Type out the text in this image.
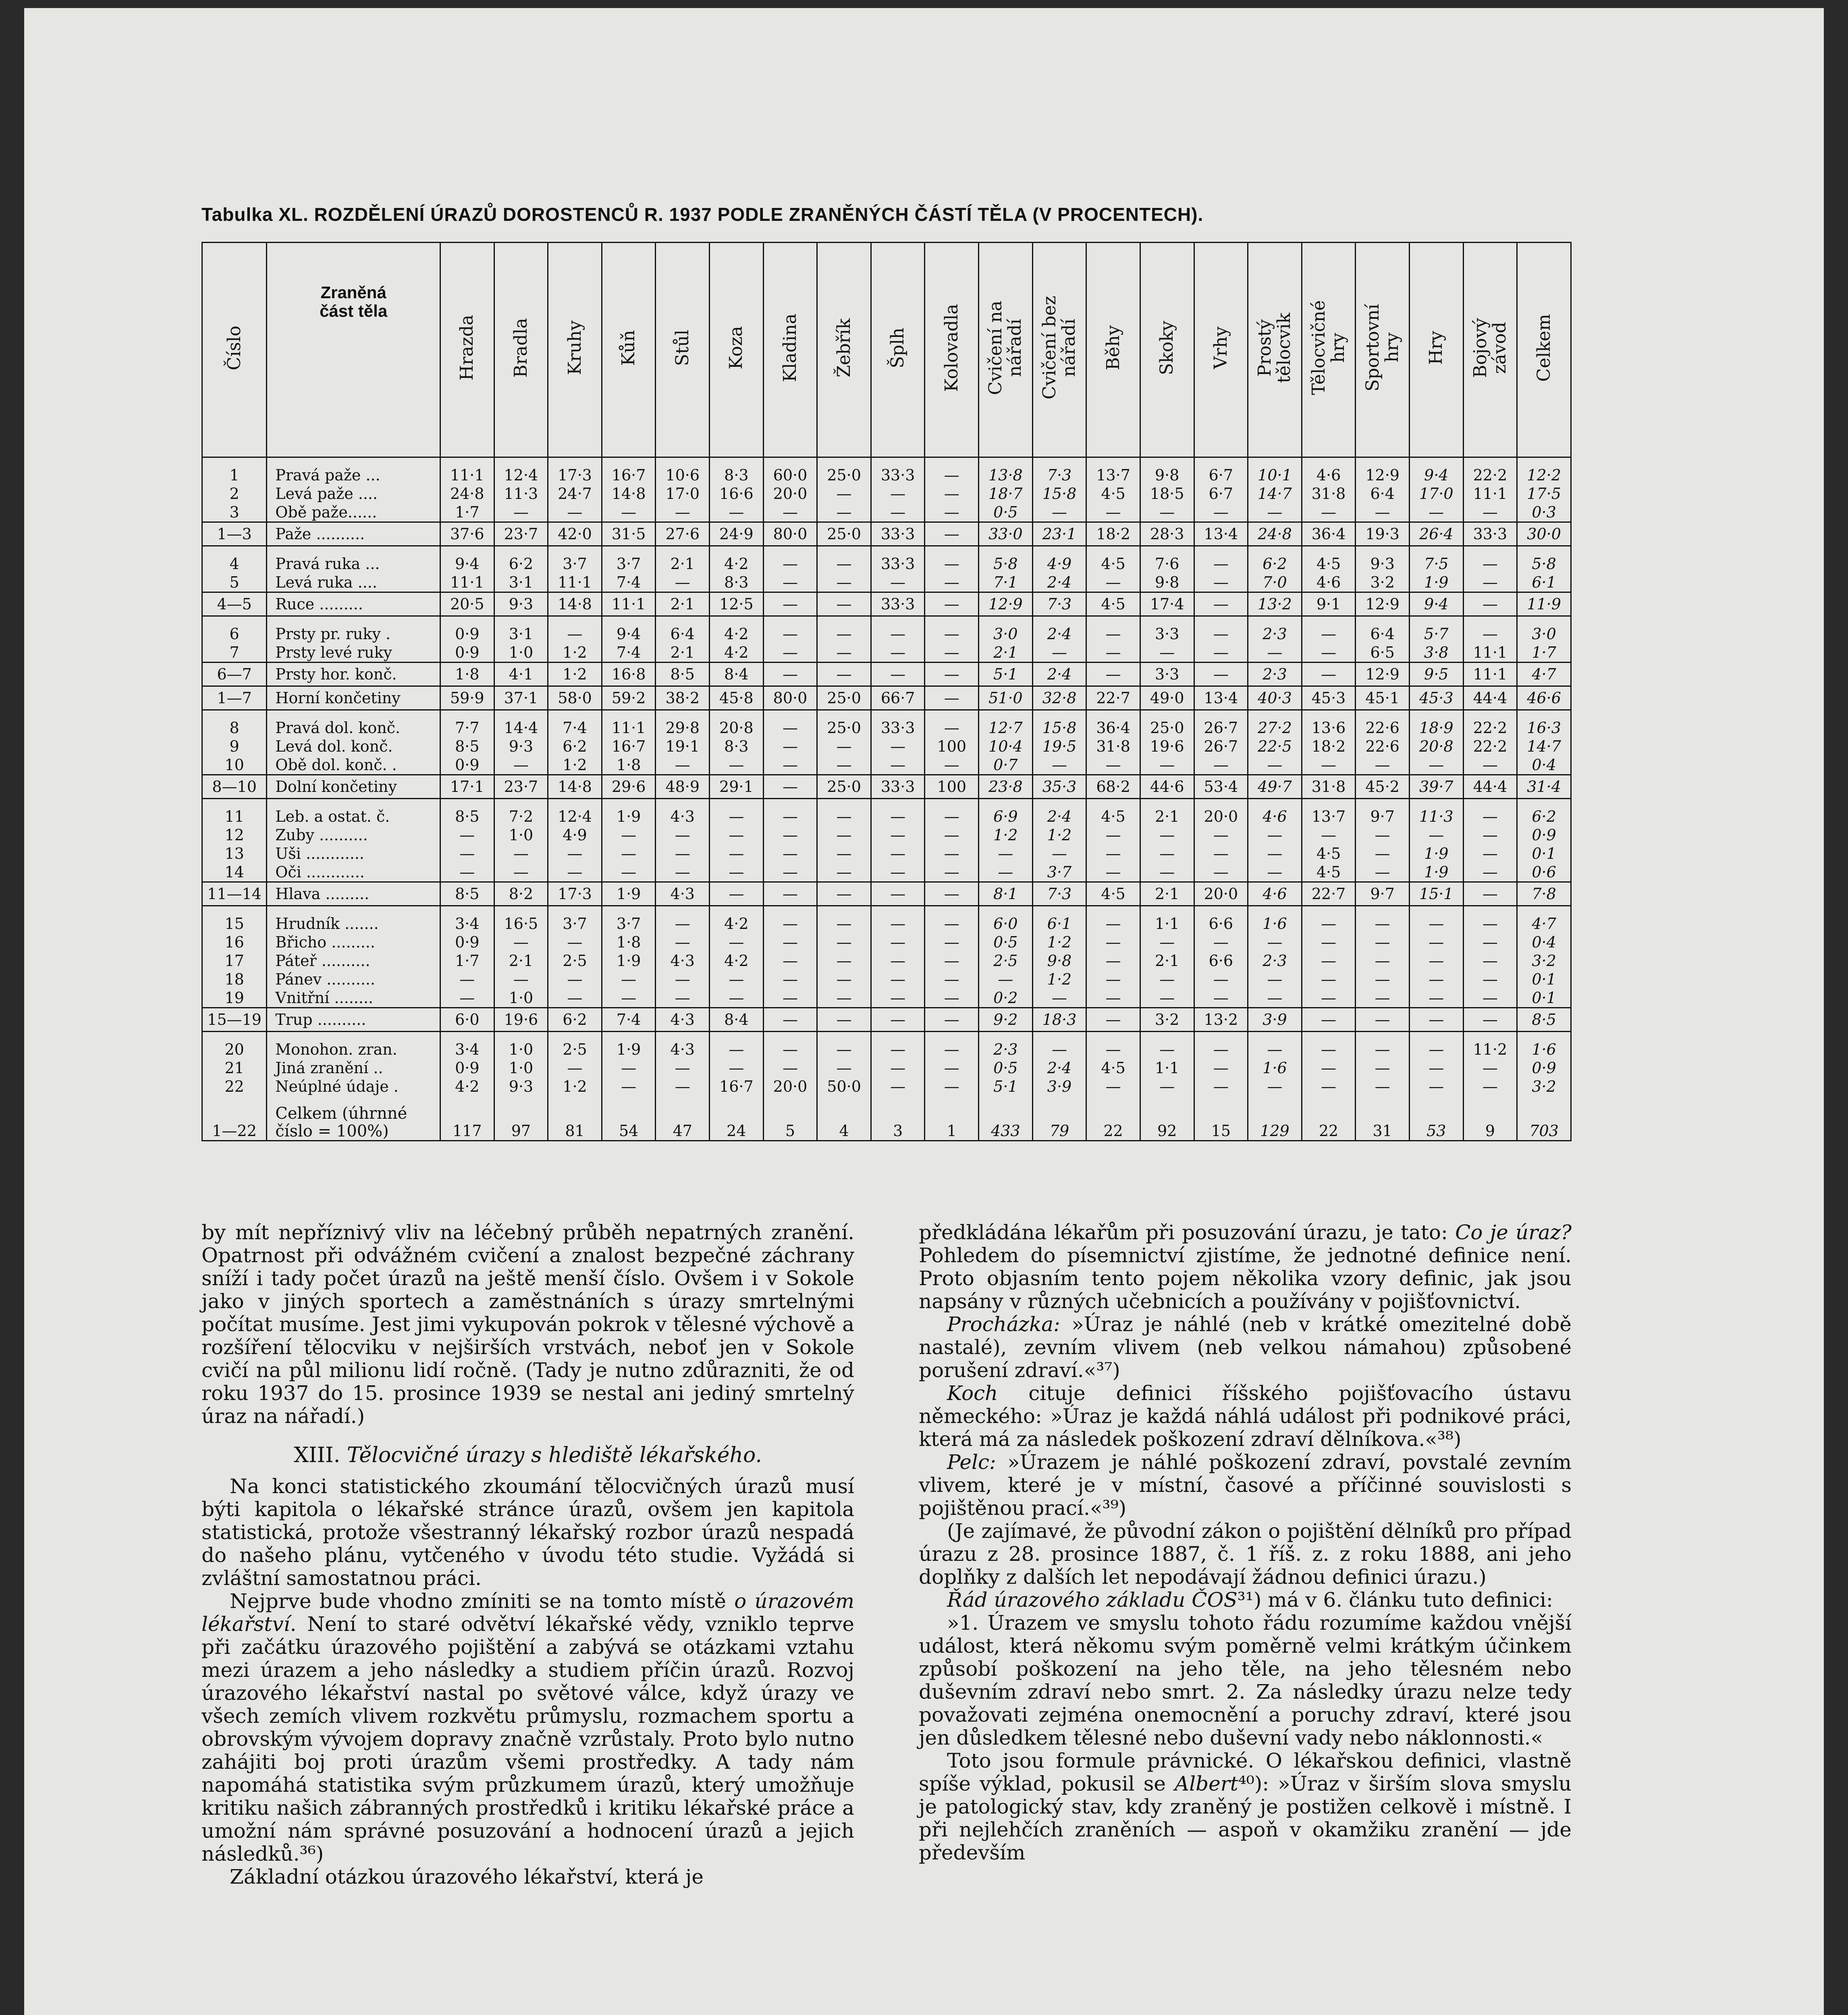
Tabulka XL. ROZDĚLENÍ ÚRAZŮ DOROSTENCŮ R. 1937 PODLE ZRANĚNÝCH ČÁSTÍ TĚLA (V PROCENTECH).
Číslo	Zraněná
část těla	Hrazda	Bradla	Kruhy	Kůň	Stůl	Koza	Kladina	Žebřík	Šplh	Kolovadla	Cvičení na
nářadí	Cvičení bez
nářadí	Běhy	Skoky	Vrhy	Prostý
tělocvik	Tělocvičné
hry	Sportovní
hry	Hry	Bojový
závod	Celkem
1	Pravá paže ...	11·1	12·4	17·3	16·7	10·6	8·3	60·0	25·0	33·3	—	13·8	7·3	13·7	9·8	6·7	10·1	4·6	12·9	9·4	22·2	12·2
2	Levá paže ....	24·8	11·3	24·7	14·8	17·0	16·6	20·0	—	—	—	18·7	15·8	4·5	18·5	6·7	14·7	31·8	6·4	17·0	11·1	17·5
3	Obě paže......	1·7	—	—	—	—	—	—	—	—	—	0·5	—	—	—	—	—	—	—	—	—	0·3
1—3	Paže ..........	37·6	23·7	42·0	31·5	27·6	24·9	80·0	25·0	33·3	—	33·0	23·1	18·2	28·3	13·4	24·8	36·4	19·3	26·4	33·3	30·0
4	Pravá ruka ...	9·4	6·2	3·7	3·7	2·1	4·2	—	—	33·3	—	5·8	4·9	4·5	7·6	—	6·2	4·5	9·3	7·5	—	5·8
5	Levá ruka ....	11·1	3·1	11·1	7·4	—	8·3	—	—	—	—	7·1	2·4	—	9·8	—	7·0	4·6	3·2	1·9	—	6·1
4—5	Ruce .........	20·5	9·3	14·8	11·1	2·1	12·5	—	—	33·3	—	12·9	7·3	4·5	17·4	—	13·2	9·1	12·9	9·4	—	11·9
6	Prsty pr. ruky .	0·9	3·1	—	9·4	6·4	4·2	—	—	—	—	3·0	2·4	—	3·3	—	2·3	—	6·4	5·7	—	3·0
7	Prsty levé ruky	0·9	1·0	1·2	7·4	2·1	4·2	—	—	—	—	2·1	—	—	—	—	—	—	6·5	3·8	11·1	1·7
6—7	Prsty hor. konč.	1·8	4·1	1·2	16·8	8·5	8·4	—	—	—	—	5·1	2·4	—	3·3	—	2·3	—	12·9	9·5	11·1	4·7
1—7	Horní končetiny	59·9	37·1	58·0	59·2	38·2	45·8	80·0	25·0	66·7	—	51·0	32·8	22·7	49·0	13·4	40·3	45·3	45·1	45·3	44·4	46·6
8	Pravá dol. konč.	7·7	14·4	7·4	11·1	29·8	20·8	—	25·0	33·3	—	12·7	15·8	36·4	25·0	26·7	27·2	13·6	22·6	18·9	22·2	16·3
9	Levá dol. konč.	8·5	9·3	6·2	16·7	19·1	8·3	—	—	—	100	10·4	19·5	31·8	19·6	26·7	22·5	18·2	22·6	20·8	22·2	14·7
10	Obě dol. konč. .	0·9	—	1·2	1·8	—	—	—	—	—	—	0·7	—	—	—	—	—	—	—	—	—	0·4
8—10	Dolní končetiny	17·1	23·7	14·8	29·6	48·9	29·1	—	25·0	33·3	100	23·8	35·3	68·2	44·6	53·4	49·7	31·8	45·2	39·7	44·4	31·4
11	Leb. a ostat. č.	8·5	7·2	12·4	1·9	4·3	—	—	—	—	—	6·9	2·4	4·5	2·1	20·0	4·6	13·7	9·7	11·3	—	6·2
12	Zuby ..........	—	1·0	4·9	—	—	—	—	—	—	—	1·2	1·2	—	—	—	—	—	—	—	—	0·9
13	Uši ............	—	—	—	—	—	—	—	—	—	—	—	—	—	—	—	—	4·5	—	1·9	—	0·1
14	Oči ............	—	—	—	—	—	—	—	—	—	—	—	3·7	—	—	—	—	4·5	—	1·9	—	0·6
11—14	Hlava .........	8·5	8·2	17·3	1·9	4·3	—	—	—	—	—	8·1	7·3	4·5	2·1	20·0	4·6	22·7	9·7	15·1	—	7·8
15	Hrudník .......	3·4	16·5	3·7	3·7	—	4·2	—	—	—	—	6·0	6·1	—	1·1	6·6	1·6	—	—	—	—	4·7
16	Břicho .........	0·9	—	—	1·8	—	—	—	—	—	—	0·5	1·2	—	—	—	—	—	—	—	—	0·4
17	Páteř ..........	1·7	2·1	2·5	1·9	4·3	4·2	—	—	—	—	2·5	9·8	—	2·1	6·6	2·3	—	—	—	—	3·2
18	Pánev ..........	—	—	—	—	—	—	—	—	—	—	—	1·2	—	—	—	—	—	—	—	—	0·1
19	Vnitřní ........	—	1·0	—	—	—	—	—	—	—	—	0·2	—	—	—	—	—	—	—	—	—	0·1
15—19	Trup ..........	6·0	19·6	6·2	7·4	4·3	8·4	—	—	—	—	9·2	18·3	—	3·2	13·2	3·9	—	—	—	—	8·5
20	Monohon. zran.	3·4	1·0	2·5	1·9	4·3	—	—	—	—	—	2·3	—	—	—	—	—	—	—	—	11·2	1·6
21	Jiná zranění ..	0·9	1·0	—	—	—	—	—	—	—	—	0·5	2·4	4·5	1·1	—	1·6	—	—	—	—	0·9
22	Neúplné údaje .	4·2	9·3	1·2	—	—	16·7	20·0	50·0	—	—	5·1	3·9	—	—	—	—	—	—	—	—	3·2
1—22	Celkem (úhrnné
číslo = 100%)	117	97	81	54	47	24	5	4	3	1	433	79	22	92	15	129	22	31	53	9	703

by mít nepříznivý vliv na léčebný průběh nepatrných zranění. Opatrnost při odvážném cvičení a znalost bezpečné záchrany sníží i tady počet úrazů na ještě menší číslo. Ovšem i v Sokole jako v jiných sportech a zaměstnáních s úrazy smrtelnými počítat musíme. Jest jimi vykupován pokrok v tělesné výchově a rozšíření tělocviku v nejširších vrstvách, neboť jen v Sokole cvičí na půl milionu lidí ročně. (Tady je nutno zdůrazniti, že od roku 1937 do 15. prosince 1939 se nestal ani jediný smrtelný úraz na nářadí.)

XIII. Tělocvičné úrazy s hlediště lékařského.

Na konci statistického zkoumání tělocvičných úrazů musí býti kapitola o lékařské stránce úrazů, ovšem jen kapitola statistická, protože všestranný lékařský rozbor úrazů nespadá do našeho plánu, vytčeného v úvodu této studie. Vyžádá si zvláštní samostatnou práci.

Nejprve bude vhodno zmíniti se na tomto místě o úrazovém lékařství. Není to staré odvětví lékařské vědy, vzniklo teprve při začátku úrazového pojištění a zabývá se otázkami vztahu mezi úrazem a jeho následky a studiem příčin úrazů. Rozvoj úrazového lékařství nastal po světové válce, když úrazy ve všech zemích vlivem rozkvětu průmyslu, rozmachem sportu a obrovským vývojem dopravy značně vzrůstaly. Proto bylo nutno zahájiti boj proti úrazům všemi prostředky. A tady nám napomáhá statistika svým průzkumem úrazů, který umožňuje kritiku našich zábranných prostředků i kritiku lékařské práce a umožní nám správné posuzování a hodnocení úrazů a jejich následků.³⁶)

Základní otázkou úrazového lékařství, která je

předkládána lékařům při posuzování úrazu, je tato: Co je úraz? Pohledem do písemnictví zjistíme, že jednotné definice není. Proto objasním tento pojem několika vzory definic, jak jsou napsány v různých učebnicích a používány v pojišťovnictví.

Procházka: »Úraz je náhlé (neb v krátké omezitelné době nastalé), zevním vlivem (neb velkou námahou) způsobené porušení zdraví.«³⁷)

Koch cituje definici říšského pojišťovacího ústavu německého: »Úraz je každá náhlá událost při podnikové práci, která má za následek poškození zdraví dělníkova.«³⁸)

Pelc: »Úrazem je náhlé poškození zdraví, povstalé zevním vlivem, které je v místní, časové a příčinné souvislosti s pojištěnou prací.«³⁹)

(Je zajímavé, že původní zákon o pojištění dělníků pro případ úrazu z 28. prosince 1887, č. 1 říš. z. z roku 1888, ani jeho doplňky z dalších let nepodávají žádnou definici úrazu.)

Řád úrazového základu ČOS³¹) má v 6. článku tuto definici:

»1. Úrazem ve smyslu tohoto řádu rozumíme každou vnější událost, která někomu svým poměrně velmi krátkým účinkem způsobí poškození na jeho těle, na jeho tělesném nebo duševním zdraví nebo smrt. 2. Za následky úrazu nelze tedy považovati zejména onemocnění a poruchy zdraví, které jsou jen důsledkem tělesné nebo duševní vady nebo náklonnosti.«

Toto jsou formule právnické. O lékařskou definici, vlastně spíše výklad, pokusil se Albert⁴⁰): »Úraz v širším slova smyslu je patologický stav, kdy zraněný je postižen celkově i místně. I při nejlehčích zraněních — aspoň v okamžiku zranění — jde především
